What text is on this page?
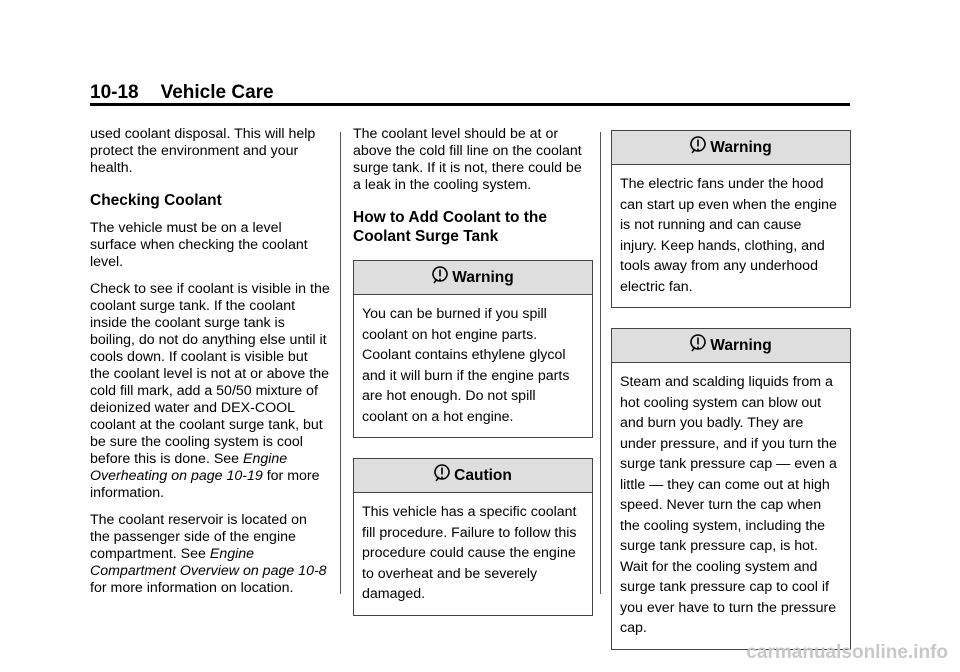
10-18 Vehicle Care

used coolant disposal. This will help protect the environment and your health.

Checking Coolant

The vehicle must be on a level surface when checking the coolant level.

Check to see if coolant is visible in the coolant surge tank. If the coolant inside the coolant surge tank is boiling, do not do anything else until it cools down. If coolant is visible but the coolant level is not at or above the cold fill mark, add a 50/50 mixture of deionized water and DEX-COOL coolant at the coolant surge tank, but be sure the cooling system is cool before this is done. See Engine Overheating on page 10-19 for more information.

The coolant reservoir is located on the passenger side of the engine compartment. See Engine Compartment Overview on page 10-8 for more information on location.

The coolant level should be at or above the cold fill line on the coolant surge tank. If it is not, there could be a leak in the cooling system.

How to Add Coolant to the Coolant Surge Tank
Warning
You can be burned if you spill coolant on hot engine parts. Coolant contains ethylene glycol and it will burn if the engine parts are hot enough. Do not spill coolant on a hot engine.
Caution
This vehicle has a specific coolant fill procedure. Failure to follow this procedure could cause the engine to overheat and be severely damaged.
Warning
The electric fans under the hood can start up even when the engine is not running and can cause injury. Keep hands, clothing, and tools away from any underhood electric fan.
Warning
Steam and scalding liquids from a hot cooling system can blow out and burn you badly. They are under pressure, and if you turn the surge tank pressure cap — even a little — they can come out at high speed. Never turn the cap when the cooling system, including the surge tank pressure cap, is hot. Wait for the cooling system and surge tank pressure cap to cool if you ever have to turn the pressure cap.
carmanualsonline.info
